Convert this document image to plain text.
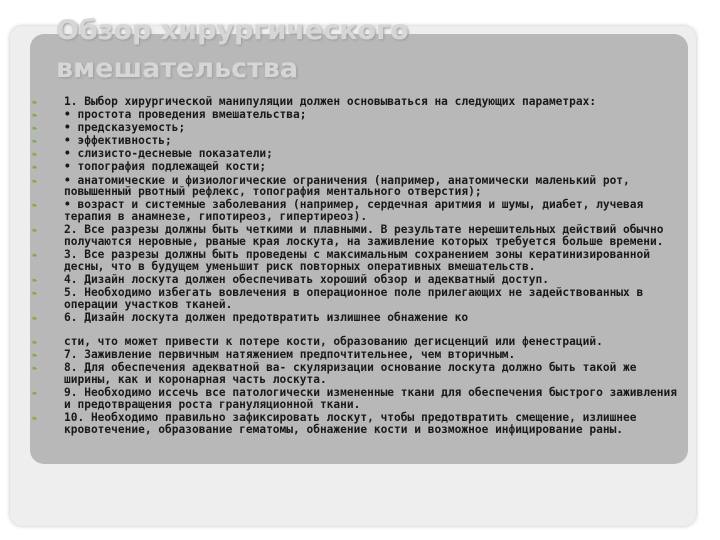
Обзор хирургического вмешательства
❧ 1. Выбор хирургической манипуляции должен основываться на следующих параметрах:
❧ • простота проведения вмешательства;
❧ • предсказуемость;
❧ • эффективность;
❧ • слизисто-десневые показатели;
❧ • топография подлежащей кости;
❧ • анатомические и физиологические ограничения (например, анатомически маленький рот, повышенный рвотный рефлекс, топография ментального отверстия);
❧ • возраст и системные заболевания (например, сердечная аритмия и шумы, диабет, лучевая терапия в анамнезе, гипотиреоз, гипертиреоз).
❧ 2. Все разрезы должны быть четкими и плавными. В результате нерешительных действий обычно получаются неровные, рваные края лоскута, на заживление которых требуется больше времени.
❧ 3. Все разрезы должны быть проведены с максимальным сохранением зоны кератинизированной десны, что в будущем уменьшит риск повторных оперативных вмешательств.
❧ 4. Дизайн лоскута должен обеспечивать хороший обзор и адекватный доступ.
❧ 5. Необходимо избегать вовлечения в операционное поле прилегающих не задействованных в операции участков тканей.
❧ 6. Дизайн лоскута должен предотвратить излишнее обнажение ко
❧ сти, что может привести к потере кости, образованию дегисценций или фенестраций.
❧ 7. Заживление первичным натяжением предпочтительнее, чем вторичным.
❧ 8. Для обеспечения адекватной ва- скуляризации основание лоскута должно быть такой же ширины, как и коронарная часть лоскута.
❧ 9. Необходимо иссечь все патологически измененные ткани для обеспечения быстрого заживления и предотвращения роста грануляционной ткани.
❧ 10. Необходимо правильно зафиксировать лоскут, чтобы предотвратить смещение, излишнее кровотечение, образование гематомы, обнажение кости и возможное инфицирование раны.
